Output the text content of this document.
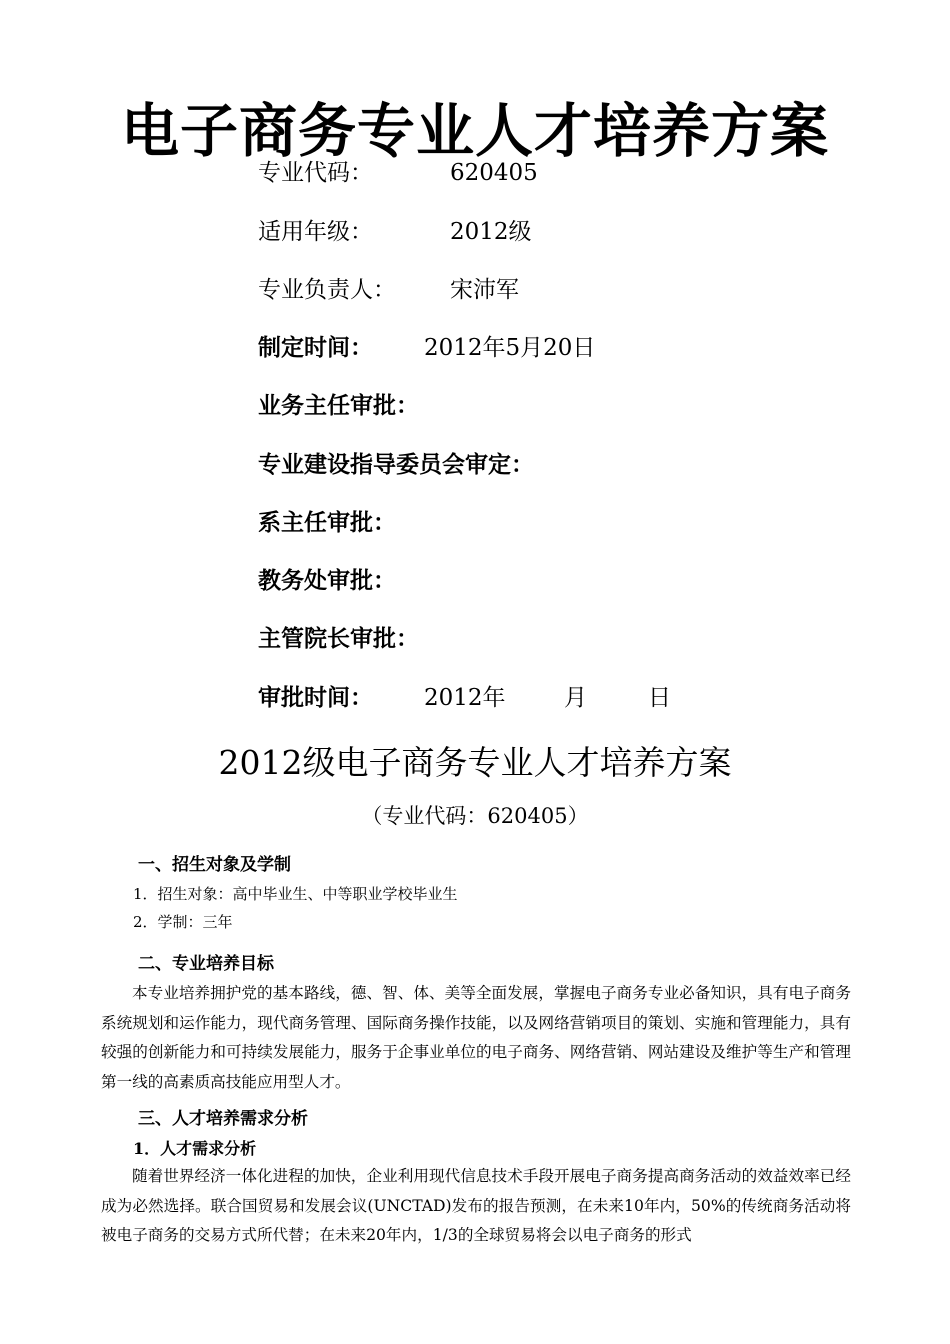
电子商务专业人才培养方案
专业代码：	620405
适用年级：	2012级
专业负责人： 宋沛军
制定时间： 2012年5月20日
业务主任审批：
专业建设指导委员会审定：
系主任审批：
教务处审批：
主管院长审批：
审批时间： 2012年	月	日
2012级电子商务专业人才培养方案
（专业代码：620405）
一、招生对象及学制
1．招生对象：高中毕业生、中等职业学校毕业生
2．学制：三年
二、专业培养目标
本专业培养拥护党的基本路线，德、智、体、美等全面发展，掌握电子商务专业必备知识，具有电子商务系统规划和运作能力，现代商务管理、国际商务操作技能，以及网络营销项目的策划、实施和管理能力，具有较强的创新能力和可持续发展能力，服务于企事业单位的电子商务、网络营销、网站建设及维护等生产和管理第一线的高素质高技能应用型人才。
三、人才培养需求分析
1．人才需求分析
随着世界经济一体化进程的加快，企业利用现代信息技术手段开展电子商务提高商务活动的效益效率已经成为必然选择。联合国贸易和发展会议(UNCTAD)发布的报告预测，在未来10年内，50%的传统商务活动将被电子商务的交易方式所代替；在未来20年内，1/3的全球贸易将会以电子商务的形式
